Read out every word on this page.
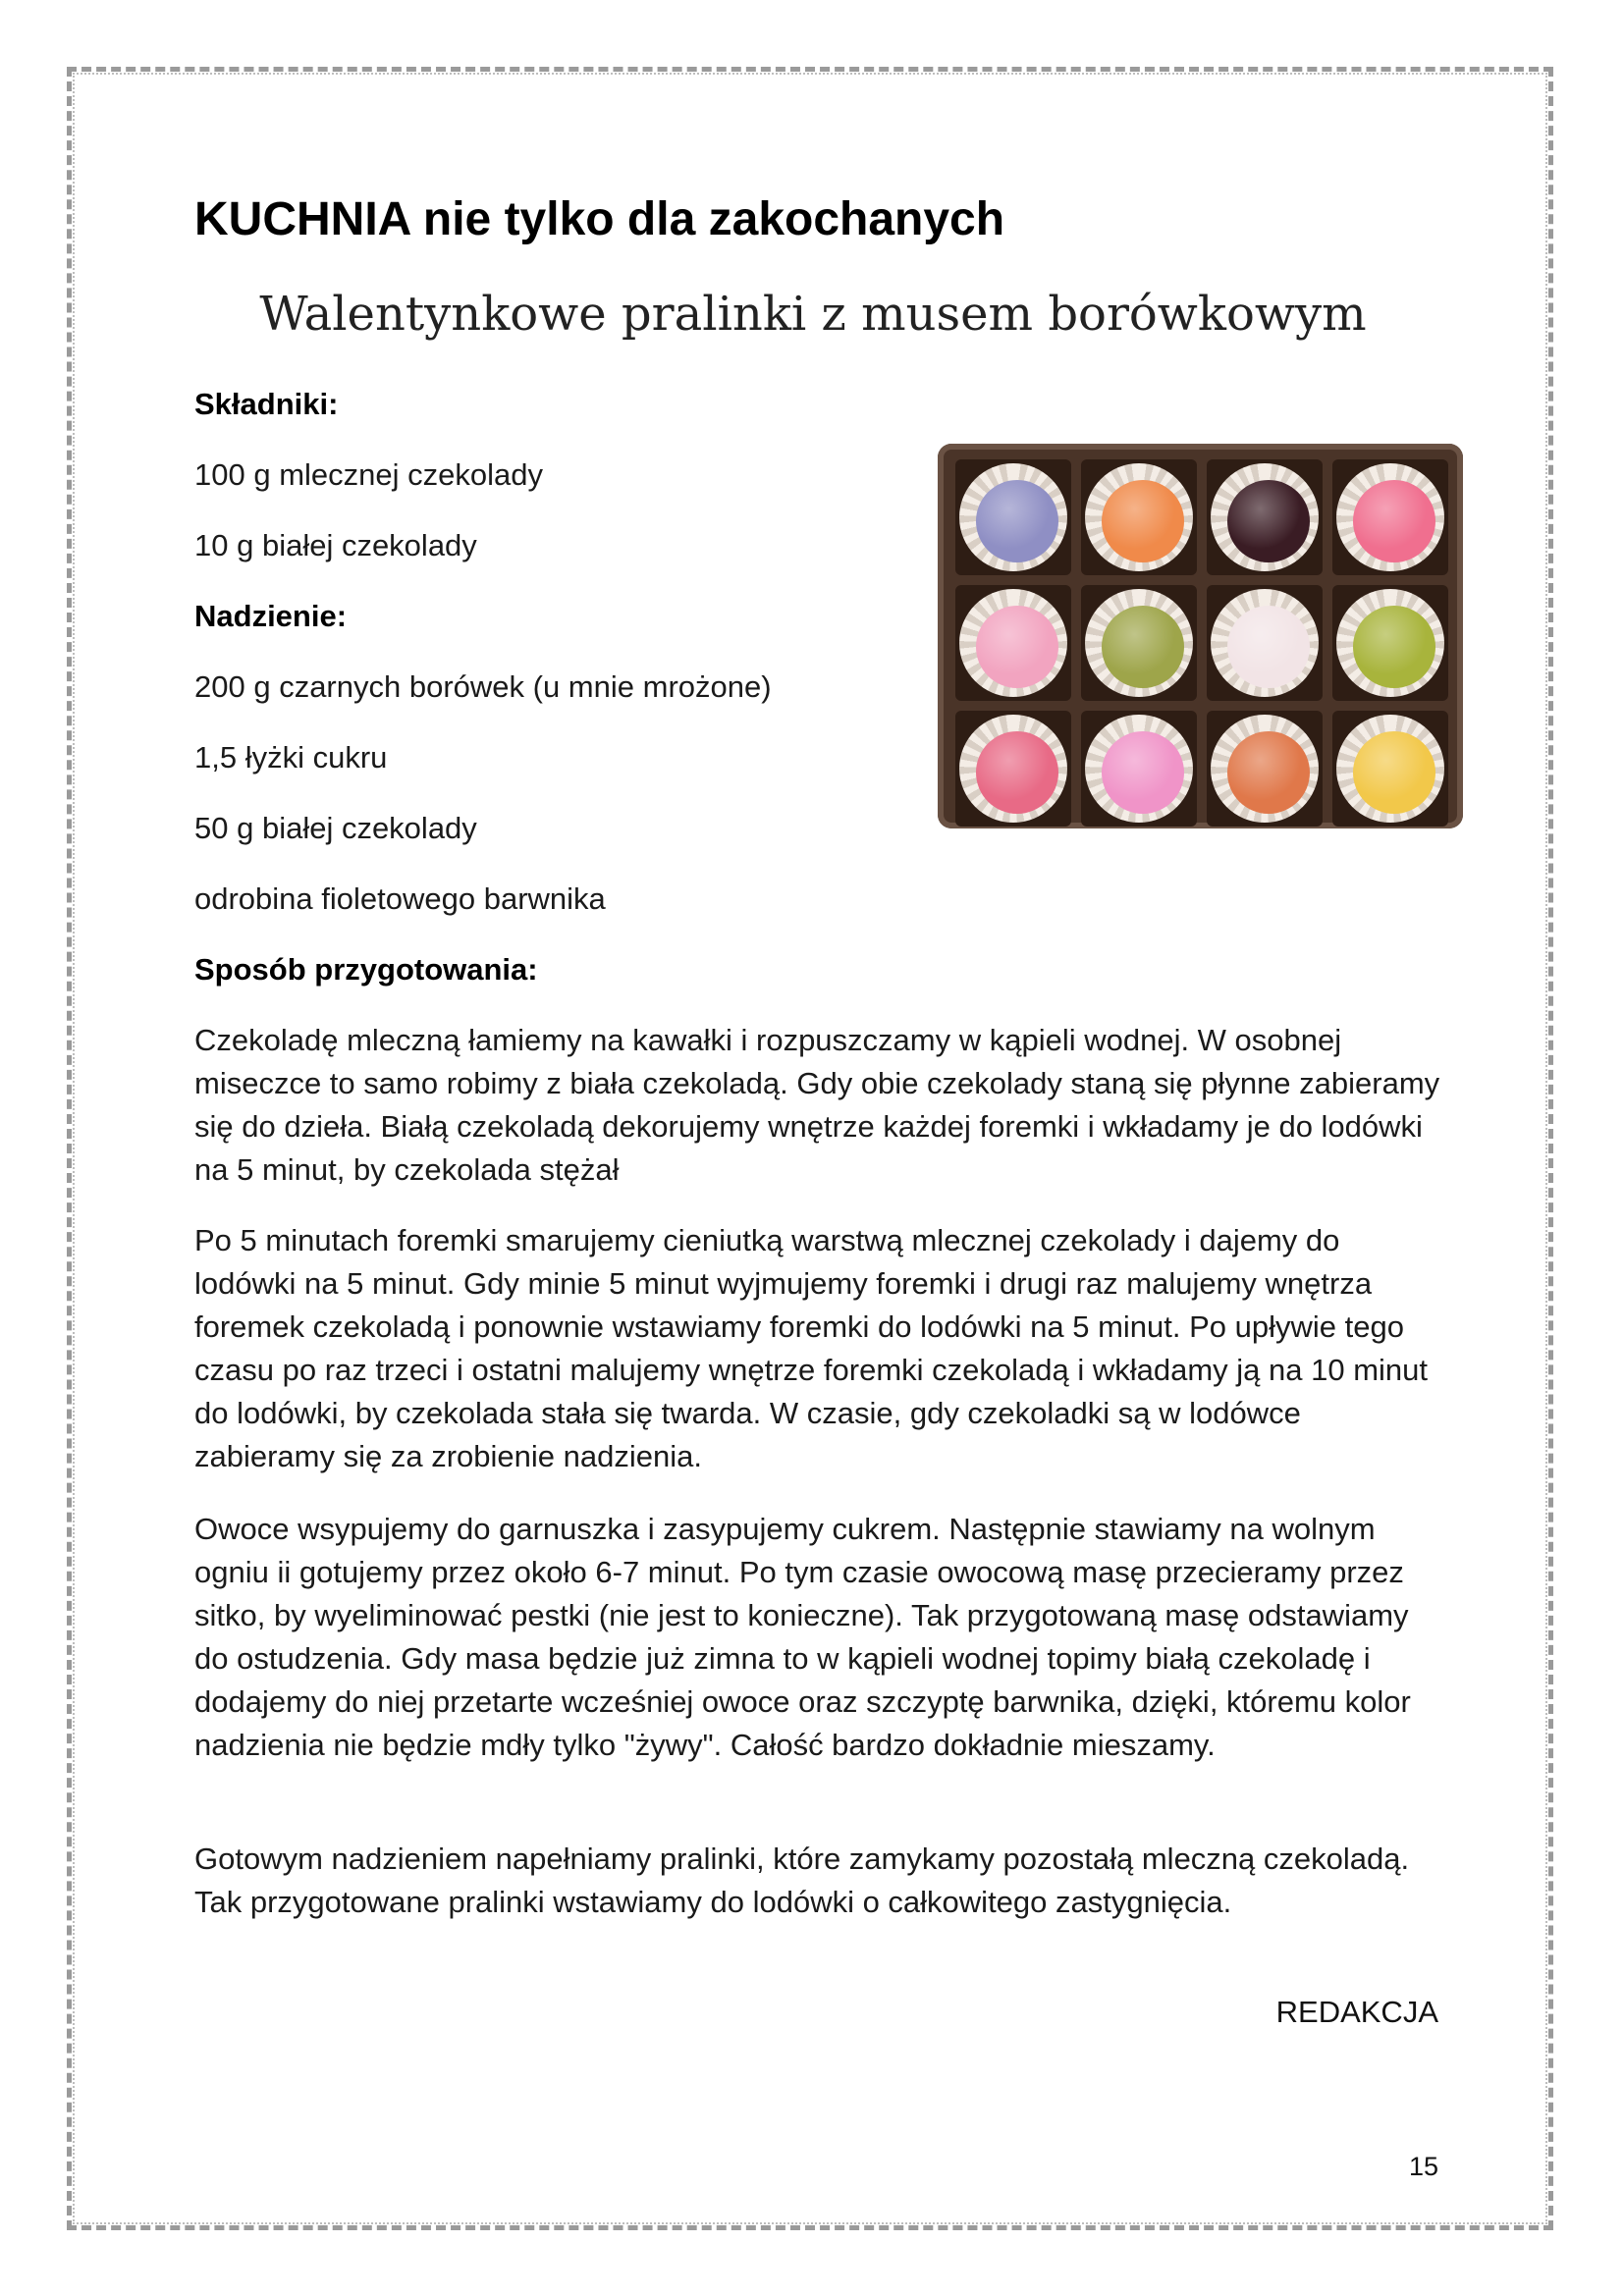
KUCHNIA nie tylko dla zakochanych
Walentynkowe pralinki z musem borówkowym

Składniki:

100 g mlecznej czekolady

10 g białej czekolady

Nadzienie:

200 g czarnych borówek (u mnie mrożone)

1,5 łyżki cukru

50 g białej czekolady

odrobina fioletowego barwnika

Sposób przygotowania:

Czekoladę mleczną łamiemy na kawałki i rozpuszczamy w kąpieli wodnej. W osobnej miseczce to samo robimy z biała czekoladą. Gdy obie czekolady staną się płynne zabieramy się do dzieła. Białą czekoladą dekorujemy wnętrze każdej foremki i wkładamy je do lodówki na 5 minut, by czekolada stężał

Po 5 minutach foremki smarujemy cieniutką warstwą mlecznej czekolady i dajemy do lodówki na 5 minut. Gdy minie 5 minut wyjmujemy foremki i drugi raz malujemy wnętrza foremek czekoladą i ponownie wstawiamy foremki do lodówki na 5 minut. Po upływie tego czasu po raz trzeci i ostatni malujemy wnętrze foremki czekoladą i wkładamy ją na 10 minut do lodówki, by czekolada stała się twarda. W czasie, gdy czekoladki są w lodówce zabieramy się za zrobienie nadzienia.

Owoce wsypujemy do garnuszka i zasypujemy cukrem. Następnie stawiamy na wolnym ogniu ii gotujemy przez około 6-7 minut. Po tym czasie owocową masę przecieramy przez sitko, by wyeliminować pestki (nie jest to konieczne). Tak przygotowaną masę odstawiamy do ostudzenia. Gdy masa będzie już zimna to w kąpieli wodnej topimy białą czekoladę i dodajemy do niej przetarte wcześniej owoce oraz szczyptę barwnika, dzięki, któremu kolor nadzienia nie będzie mdły tylko "żywy". Całość bardzo dokładnie mieszamy.

Gotowym nadzieniem napełniamy pralinki, które zamykamy pozostałą mleczną czekoladą. Tak przygotowane pralinki wstawiamy do lodówki o całkowitego zastygnięcia.

REDAKCJA

15
